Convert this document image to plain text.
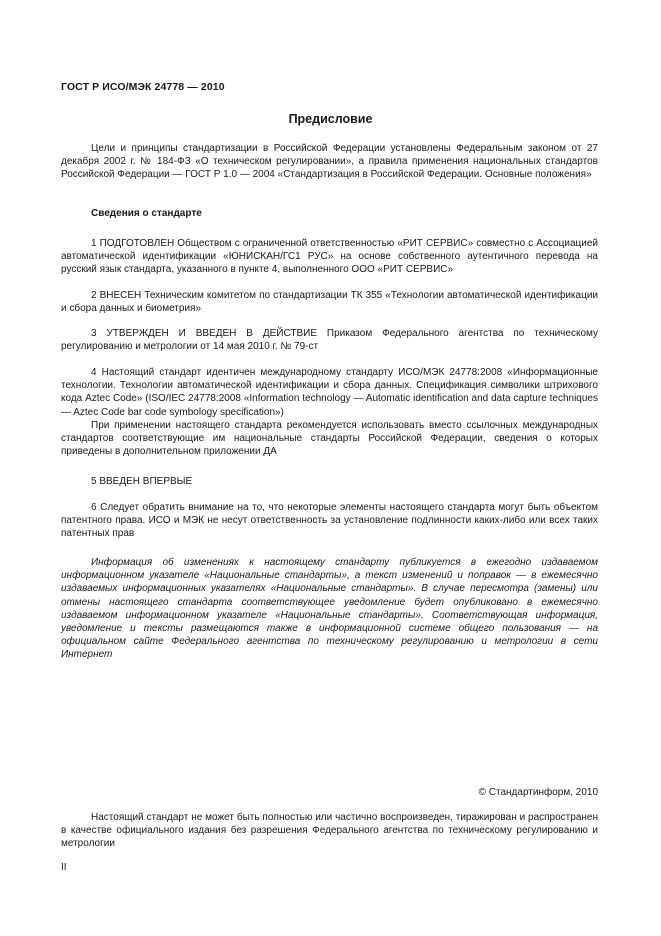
ГОСТ Р ИСО/МЭК 24778 — 2010
Предисловие

Цели и принципы стандартизации в Российской Федерации установлены Федеральным законом от 27 декабря 2002 г. № 184-ФЗ «О техническом регулировании», а правила применения национальных стандартов Российской Федерации — ГОСТ Р 1.0 — 2004 «Стандартизация в Российской Федерации. Основные положения»

Сведения о стандарте

1 ПОДГОТОВЛЕН Обществом с ограниченной ответственностью «РИТ СЕРВИС» совместно с Ассоциацией автоматической идентификации «ЮНИСКАН/ГС1 РУС» на основе собственного аутентичного перевода на русский язык стандарта, указанного в пункте 4, выполненного ООО «РИТ СЕРВИС»

2 ВНЕСЕН Техническим комитетом по стандартизации ТК 355 «Технологии автоматической идентификации и сбора данных и биометрия»

3 УТВЕРЖДЕН И ВВЕДЕН В ДЕЙСТВИЕ Приказом Федерального агентства по техническому регулированию и метрологии от 14 мая 2010 г. № 79-ст

4 Настоящий стандарт идентичен международному стандарту ИСО/МЭК 24778:2008 «Информационные технологии. Технологии автоматической идентификации и сбора данных. Спецификация символики штрихового кода Aztec Code» (ISO/IEC 24778:2008 «Information technology — Automatic identification and data capture techniques — Aztec Code bar code symbology specification»)

При применении настоящего стандарта рекомендуется использовать вместо ссылочных международных стандартов соответствующие им национальные стандарты Российской Федерации, сведения о которых приведены в дополнительном приложении ДА

5 ВВЕДЕН ВПЕРВЫЕ

6 Следует обратить внимание на то, что некоторые элементы настоящего стандарта могут быть объектом патентного права. ИСО и МЭК не несут ответственность за установление подлинности каких-либо или всех таких патентных прав

Информация об изменениях к настоящему стандарту публикуется в ежегодно издаваемом информационном указателе «Национальные стандарты», а текст изменений и поправок — в ежемесячно издаваемых информационных указателях «Национальные стандарты». В случае пересмотра (замены) или отмены настоящего стандарта соответствующее уведомление будет опубликовано в ежемесячно издаваемом информационном указателе «Национальные стандарты». Соответствующая информация, уведомление и тексты размещаются также в информационной системе общего пользования — на официальном сайте Федерального агентства по техническому регулированию и метрологии в сети Интернет

© Стандартинформ, 2010

Настоящий стандарт не может быть полностью или частично воспроизведен, тиражирован и распространен в качестве официального издания без разрешения Федерального агентства по техническому регулированию и метрологии

II
